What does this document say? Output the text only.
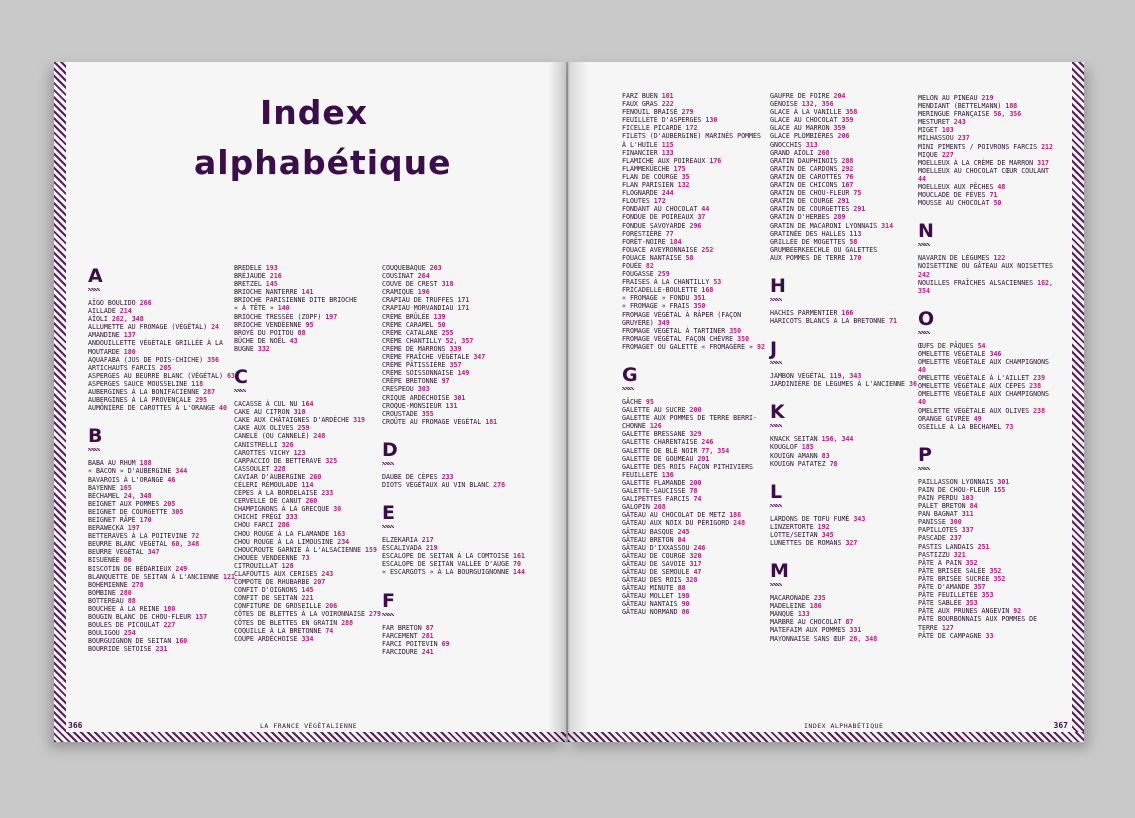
Index
alphabétique
A
AÏGO BOULIDO 266
AILLADE 214
AÏOLI 262, 348
ALLUMETTE AU FROMAGE (VÉGÉTAL) 24
AMANDINE 137
ANDOUILLETTE VÉGÉTALE GRILLÉE À LA
MOUTARDE 180
AQUAFABA (JUS DE POIS-CHICHE) 356
ARTICHAUTS FARCIS 285
ASPERGES AU BEURRE BLANC (VÉGÉTAL) 63
ASPERGES SAUCE MOUSSELINE 118
AUBERGINES À LA BONIFACIENNE 287
AUBERGINES À LA PROVENÇALE 295
AUMÔNIÈRE DE CAROTTES À L'ORANGE 40
B
BABA AU RHUM 188
« BACON » D'AUBERGINE 344
BAVAROIS À L'ORANGE 46
BAYENNE 165
BÉCHAMEL 24, 348
BEIGNET AUX POMMES 205
BEIGNET DE COURGETTE 305
BEIGNET RÂPÉ 170
BERAWECKA 197
BETTERAVES À LA POITEVINE 72
BEURRE BLANC VÉGÉTAL 60, 348
BEURRE VÉGÉTAL 347
BISUÉNÉE 80
BISCOTIN DE BÉDARIEUX 249
BLANQUETTE DE SEITAN À L'ANCIENNE 121
BOHÉMIENNE 278
BOMBINE 280
BOTTEREAU 88
BOUCHÉE À LA REINE 180
BOUGIN BLANC DE CHOU-FLEUR 157
BOULES DE PICOULAT 227
BOULIGOU 254
BOURGUIGNON DE SEITAN 160
BOURRIDE SÉTOISE 231
BREDELE 193
BRÉJAUDE 216
BRETZEL 145
BRIOCHE NANTERRE 141
BRIOCHE PARISIENNE DITE BRIOCHE
« À TÊTE » 140
BRIOCHE TRESSÉE (ZOPF) 197
BRIOCHE VENDÉENNE 95
BROYÉ DU POITOU 88
BÛCHE DE NOËL 43
BUGNE 332
C
CACASSE À CUL NU 164
CAKE AU CITRON 318
CAKE AUX CHÂTAIGNES D'ARDÈCHE 319
CAKE AUX OLIVES 259
CANELÉ (OU CANNELÉ) 248
CANISTRELLI 326
CAROTTES VICHY 123
CARPACCIO DE BETTERAVE 325
CASSOULET 228
CAVIAR D'AUBERGINE 260
CÉLERI RÉMOULADE 114
CÈPES À LA BORDELAISE 233
CERVELLE DE CANUT 260
CHAMPIGNONS À LA GRECQUE 30
CHICHI FRÉGI 333
CHOU FARCI 286
CHOU ROUGE À LA FLAMANDE 163
CHOU ROUGE À LA LIMOUSINE 234
CHOUCROUTE GARNIE À L'ALSACIENNE 159
CHOUÉE VENDÉENNE 73
CITROUILLAT 128
CLAFOUTIS AUX CERISES 243
COMPOTE DE RHUBARBE 207
CONFIT D'OIGNONS 145
CONFIT DE SEITAN 221
CONFITURE DE GROSEILLE 206
CÔTES DE BLETTES À LA VOIRONNAISE 279
CÔTES DE BLETTES EN GRATIN 288
COQUILLE À LA BRETONNE 74
COUPE ARDÉCHOISE 334
COUQUEBAQUE 203
COUSINAT 264
COUVE DE CREST 318
CRAMIQUE 196
CRAPIAU DE TRUFFES 171
CRAPIAU MORVANDIAU 171
CRÈME BRÛLÉE 139
CRÈME CARAMEL 50
CRÈME CATALANE 255
CRÈME CHANTILLY 52, 357
CRÈME DE MARRONS 339
CRÈME FRAÎCHE VÉGÉTALE 347
CRÈME PÂTISSIÈRE 357
CRÈME SOISSONNAISE 149
CRÊPE BRETONNE 97
CRESPEOU 303
CRIQUE ARDÉCHOISE 301
CROQUE-MONSIEUR 131
CROUSTADE 355
CROÛTE AU FROMAGE VÉGÉTAL 181
D
DAUBE DE CÈPES 233
DIOTS VÉGÉTAUX AU VIN BLANC 276
E
ELZEKARIA 217
ESCALIVADA 219
ESCALOPE DE SEITAN À LA COMTOISE 161
ESCALOPE DE SEITAN VALLÉE D'AUGE 70
« ESCARGOTS » À LA BOURGUIGNONNE 144
F
FAR BRETON 87
FARCEMENT 281
FARCI POITEVIN 69
FARCIDURE 241
366	LA FRANCE VÉGÉTALIENNE
FARZ BUEN 101
FAUX GRAS 222
FENOUIL BRAISÉ 279
FEUILLETÉ D'ASPERGES 130
FICELLE PICARDE 172
FILETS (D'AUBERGINE) MARINÉS POMMES
À L'HUILE 115
FINANCIER 133
FLAMICHE AUX POIREAUX 176
FLAMMEKÜECHE 175
FLAN DE COURGE 35
FLAN PARISIEN 132
FLOGNARDE 244
FLOUTES 172
FONDANT AU CHOCOLAT 44
FONDUE DE POIREAUX 37
FONDUE SAVOYARDE 296
FORESTIÈRE 77
FORÊT-NOIRE 184
FOUACE AVEYRONNAISE 252
FOUACE NANTAISE 58
FOUÉE 82
FOUGASSE 259
FRAISES À LA CHANTILLY 53
FRICADELLE-BOULETTE 168
« FROMAGE » FONDU 351
« FROMAGE » FRAIS 350
FROMAGE VÉGÉTAL À RÂPER (FAÇON
GRUYÈRE) 349
FROMAGE VÉGÉTAL À TARTINER 350
FROMAGE VÉGÉTAL FAÇON CHÈVRE 350
FROMAGET OU GALETTE « FROMAGÈRE » 92
G
GÂCHE 95
GALETTE AU SUCRE 200
GALETTE AUX POMMES DE TERRE BERRI-
CHONNE 126
GALETTE BRESSANE 329
GALETTE CHARENTAISE 246
GALETTE DE BLÉ NOIR 77, 354
GALETTE DE GOUMEAU 201
GALETTE DES ROIS FAÇON PITHIVIERS
FEUILLETÉ 136
GALETTE FLAMANDE 200
GALETTE-SAUCISSE 78
GALIPETTES FARCIS 74
GALOPIN 208
GÂTEAU AU CHOCOLAT DE METZ 186
GÂTEAU AUX NOIX DU PÉRIGORD 248
GÂTEAU BASQUE 245
GÂTEAU BRETON 84
GÂTEAU D'IXXASSOU 246
GÂTEAU DE COURGE 320
GÂTEAU DE SAVOIE 317
GÂTEAU DE SEMOULE 47
GÂTEAU DES ROIS 328
GÂTEAU MINUTE 88
GÂTEAU MOLLET 198
GÂTEAU NANTAIS 90
GÂTEAU NORMAND 86
GAUFRE DE FOIRE 204
GÉNOISE 132, 356
GLACE À LA VANILLE 358
GLACE AU CHOCOLAT 359
GLACE AU MARRON 359
GLACE PLOMBIÈRES 206
GNOCCHIS 313
GRAND AÏOLI 268
GRATIN DAUPHINOIS 288
GRATIN DE CARDONS 292
GRATIN DE CAROTTES 76
GRATIN DE CHICONS 167
GRATIN DE CHOU-FLEUR 75
GRATIN DE COURGE 291
GRATIN DE COURGETTES 291
GRATIN D'HERBES 289
GRATIN DE MACARONI LYONNAIS 314
GRATINÉE DES HALLES 113
GRILLÉE DE MOGETTES 58
GRUMBEERKEECHLE OU GALETTES
AUX POMMES DE TERRE 170
H
HACHIS PARMENTIER 166
HARICOTS BLANCS À LA BRETONNE 71
J
JAMBON VÉGÉTAL 119, 343
JARDINIÈRE DE LÉGUMES À L'ANCIENNE 36
K
KNACK SEITAN 156, 344
KOUGLOF 185
KOUIGN AMANN 83
KOUIGN PATATEZ 78
L
LARDONS DE TOFU FUMÉ 343
LINZERTORTE 192
LOTTE/SEITAN 345
LUNETTES DE ROMANS 327
M
MACARONADE 235
MADELEINE 186
MANQUÉ 133
MARBRÉ AU CHOCOLAT 87
MATEFAIM AUX POMMES 331
MAYONNAISE SANS ŒUF 26, 348
MELON AU PINEAU 219
MENDIANT (BETTELMANN) 188
MERINGUE FRANÇAISE 56, 356
MESTURET 243
MIGET 103
MILHASSOU 237
MINI PIMENTS / POIVRONS FARCIS 212
MIQUE 227
MOELLEUX À LA CRÈME DE MARRON 317
MOELLEUX AU CHOCOLAT CŒUR COULANT
44
MOELLEUX AUX PÊCHES 48
MOUCLADE DE FÈVES 71
MOUSSE AU CHOCOLAT 50
N
NAVARIN DE LÉGUMES 122
NOISETTINE OU GÂTEAU AUX NOISETTES
242
NOUILLES FRAÎCHES ALSACIENNES 162,
354
O
ŒUFS DE PÂQUES 54
OMELETTE VÉGÉTALE 346
OMELETTE VÉGÉTALE AUX CHAMPIGNONS
40
OMELETTE VÉGÉTALE À L'AILLET 239
OMELETTE VÉGÉTALE AUX CÈPES 238
OMELETTE VÉGÉTALE AUX CHAMPIGNONS
40
OMELETTE VÉGÉTALE AUX OLIVES 238
ORANGE GIVRÉE 49
OSEILLE À LA BÉCHAMEL 73
P
PAILLASSON LYONNAIS 301
PAIN DE CHOU-FLEUR 155
PAIN PERDU 103
PALET BRETON 84
PAN BAGNAT 311
PANISSE 300
PAPILLOTES 337
PASCADE 237
PASTIS LANDAIS 251
PASTIZZU 321
PÂTE À PAIN 352
PÂTE BRISÉE SALÉE 352
PÂTE BRISÉE SUCRÉE 352
PÂTE D'AMANDE 357
PÂTE FEUILLETÉE 353
PÂTE SABLÉE 353
PÂTÉ AUX PRUNES ANGEVIN 92
PÂTÉ BOURBONNAIS AUX POMMES DE
TERRE 127
PÂTÉ DE CAMPAGNE 33
367
INDEX ALPHABÉTIQUE
